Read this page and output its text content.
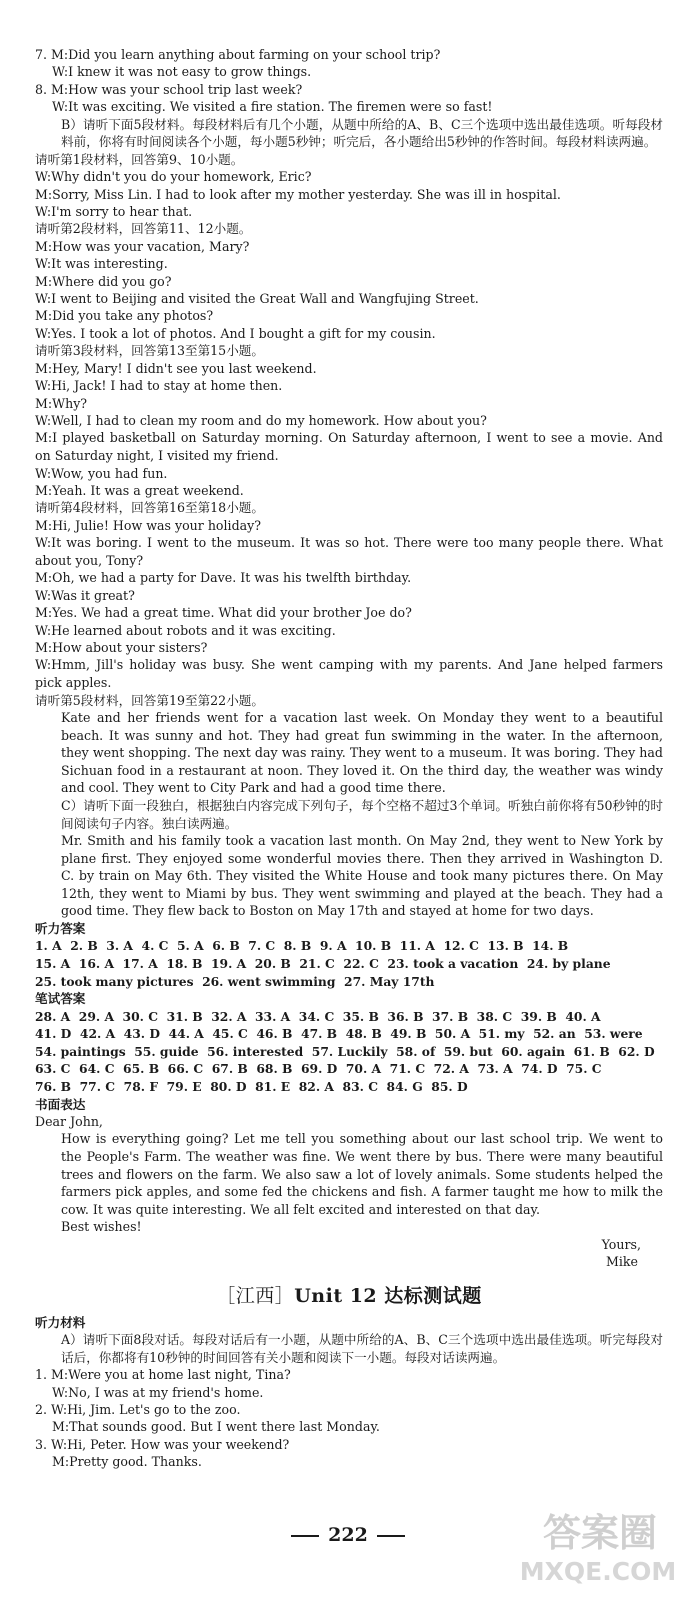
7. M:Did you learn anything about farming on your school trip?
W:I knew it was not easy to grow things.
8. M:How was your school trip last week?
W:It was exciting. We visited a fire station. The firemen were so fast!
B）请听下面5段材料。每段材料后有几个小题，从题中所给的A、B、C三个选项中选出最佳选项。听每段材料前，你将有时间阅读各个小题，每小题5秒钟；听完后，各小题给出5秒钟的作答时间。每段材料读两遍。
请听第1段材料，回答第9、10小题。
W:Why didn't you do your homework, Eric?
M:Sorry, Miss Lin. I had to look after my mother yesterday. She was ill in hospital.
W:I'm sorry to hear that.
请听第2段材料，回答第11、12小题。
M:How was your vacation, Mary?
W:It was interesting.
M:Where did you go?
W:I went to Beijing and visited the Great Wall and Wangfujing Street.
M:Did you take any photos?
W:Yes. I took a lot of photos. And I bought a gift for my cousin.
请听第3段材料，回答第13至第15小题。
M:Hey, Mary! I didn't see you last weekend.
W:Hi, Jack! I had to stay at home then.
M:Why?
W:Well, I had to clean my room and do my homework. How about you?
M:I played basketball on Saturday morning. On Saturday afternoon, I went to see a movie. And on Saturday night, I visited my friend.
W:Wow, you had fun.
M:Yeah. It was a great weekend.
请听第4段材料，回答第16至第18小题。
M:Hi, Julie! How was your holiday?
W:It was boring. I went to the museum. It was so hot. There were too many people there. What about you, Tony?
M:Oh, we had a party for Dave. It was his twelfth birthday.
W:Was it great?
M:Yes. We had a great time. What did your brother Joe do?
W:He learned about robots and it was exciting.
M:How about your sisters?
W:Hmm, Jill's holiday was busy. She went camping with my parents. And Jane helped farmers pick apples.
请听第5段材料，回答第19至第22小题。
Kate and her friends went for a vacation last week. On Monday they went to a beautiful beach. It was sunny and hot. They had great fun swimming in the water. In the afternoon, they went shopping. The next day was rainy. They went to a museum. It was boring. They had Sichuan food in a restaurant at noon. They loved it. On the third day, the weather was windy and cool. They went to City Park and had a good time there.
C）请听下面一段独白，根据独白内容完成下列句子，每个空格不超过3个单词。听独白前你将有50秒钟的时间阅读句子内容。独白读两遍。
Mr. Smith and his family took a vacation last month. On May 2nd, they went to New York by plane first. They enjoyed some wonderful movies there. Then they arrived in Washington D. C. by train on May 6th. They visited the White House and took many pictures there. On May 12th, they went to Miami by bus. They went swimming and played at the beach. They had a good time. They flew back to Boston on May 17th and stayed at home for two days.
听力答案
1. A  2. B  3. A  4. C  5. A  6. B  7. C  8. B  9. A  10. B  11. A  12. C  13. B  14. B
15. A  16. A  17. A  18. B  19. A  20. B  21. C  22. C  23. took a vacation  24. by plane
25. took many pictures  26. went swimming  27. May 17th
笔试答案
28. A  29. A  30. C  31. B  32. A  33. A  34. C  35. B  36. B  37. B  38. C  39. B  40. A
41. D  42. A  43. D  44. A  45. C  46. B  47. B  48. B  49. B  50. A  51. my  52. an  53. were
54. paintings  55. guide  56. interested  57. Luckily  58. of  59. but  60. again  61. B  62. D
63. C  64. C  65. B  66. C  67. B  68. B  69. D  70. A  71. C  72. A  73. A  74. D  75. C
76. B  77. C  78. F  79. E  80. D  81. E  82. A  83. C  84. G  85. D
书面表达
Dear John,
How is everything going? Let me tell you something about our last school trip. We went to the People's Farm. The weather was fine. We went there by bus. There were many beautiful trees and flowers on the farm. We also saw a lot of lovely animals. Some students helped the farmers pick apples, and some fed the chickens and fish. A farmer taught me how to milk the cow. It was quite interesting. We all felt excited and interested on that day.
Best wishes!
Yours,
Mike
［江西］Unit 12 达标测试题
听力材料
A）请听下面8段对话。每段对话后有一小题，从题中所给的A、B、C三个选项中选出最佳选项。听完每段对话后，你都将有10秒钟的时间回答有关小题和阅读下一小题。每段对话读两遍。
1. M:Were you at home last night, Tina?
W:No, I was at my friend's home.
2. W:Hi, Jim. Let's go to the zoo.
M:That sounds good. But I went there last Monday.
3. W:Hi, Peter. How was your weekend?
M:Pretty good. Thanks.
222	答案圈
MXQE.COM
